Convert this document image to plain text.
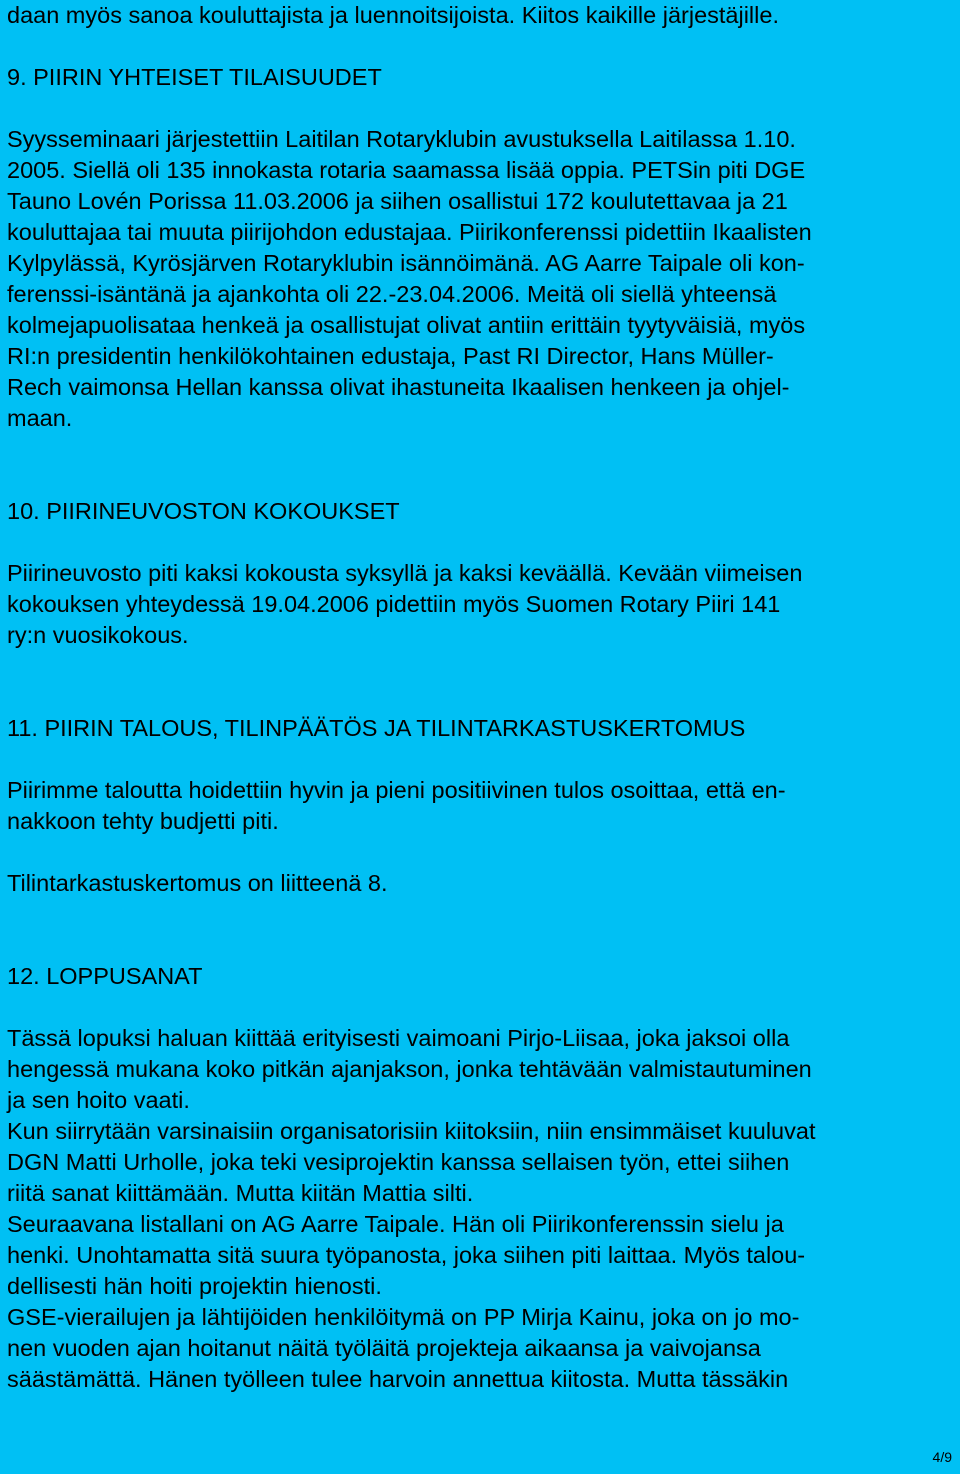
daan myös sanoa kouluttajista ja luennoitsijoista. Kiitos kaikille järjestäjille.
9. PIIRIN YHTEISET TILAISUUDET
Syysseminaari järjestettiin Laitilan Rotaryklubin avustuksella Laitilassa 1.10.
2005. Siellä oli 135 innokasta rotaria saamassa lisää oppia. PETSin piti DGE
Tauno Lovén Porissa 11.03.2006 ja siihen osallistui 172 koulutettavaa ja 21
kouluttajaa tai muuta piirijohdon edustajaa. Piirikonferenssi pidettiin Ikaalisten
Kylpylässä, Kyrösjärven Rotaryklubin isännöimänä. AG Aarre Taipale oli kon-
ferenssi-isäntänä ja ajankohta oli 22.-23.04.2006. Meitä oli siellä yhteensä
kolmejapuolisataa henkeä ja osallistujat olivat antiin erittäin tyytyväisiä, myös
RI:n presidentin henkilökohtainen edustaja, Past RI Director, Hans Müller-
Rech vaimonsa Hellan kanssa olivat ihastuneita Ikaalisen henkeen ja ohjel-
maan.
10. PIIRINEUVOSTON KOKOUKSET
Piirineuvosto piti kaksi kokousta syksyllä ja kaksi keväällä. Kevään viimeisen
kokouksen yhteydessä 19.04.2006 pidettiin myös Suomen Rotary Piiri 141
ry:n vuosikokous.
11. PIIRIN TALOUS, TILINPÄÄTÖS JA TILINTARKASTUSKERTOMUS
Piirimme taloutta hoidettiin hyvin ja pieni positiivinen tulos osoittaa, että en-
nakkoon tehty budjetti piti.
Tilintarkastuskertomus on liitteenä 8.
12. LOPPUSANAT
Tässä lopuksi haluan kiittää erityisesti vaimoani Pirjo-Liisaa, joka jaksoi olla
hengessä mukana koko pitkän ajanjakson, jonka tehtävään valmistautuminen
ja sen hoito vaati.
Kun siirrytään varsinaisiin organisatorisiin kiitoksiin, niin ensimmäiset kuuluvat
DGN Matti Urholle, joka teki vesiprojektin kanssa sellaisen työn, ettei siihen
riitä sanat kiittämään. Mutta kiitän Mattia silti.
Seuraavana listallani on AG Aarre Taipale. Hän oli Piirikonferenssin sielu ja
henki. Unohtamatta sitä suura työpanosta, joka siihen piti laittaa. Myös talou-
dellisesti hän hoiti projektin hienosti.
GSE-vierailujen ja lähtijöiden henkilöitymä on PP Mirja Kainu, joka on jo mo-
nen vuoden ajan hoitanut näitä työläitä projekteja aikaansa ja vaivojansa
säästämättä. Hänen työlleen tulee harvoin annettua kiitosta. Mutta tässäkin
4/9
